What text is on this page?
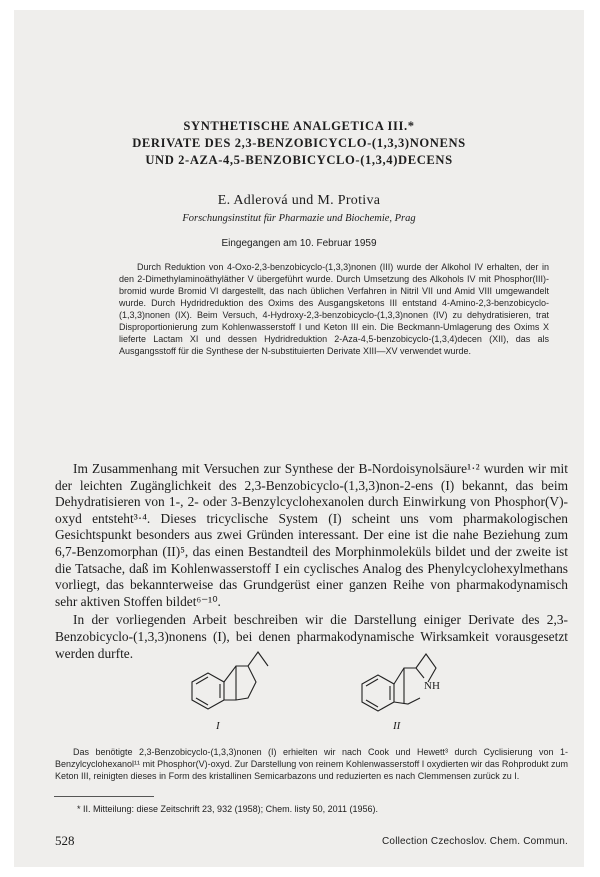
SYNTHETISCHE ANALGETICA III.*
DERIVATE DES 2,3-BENZOBICYCLO-(1,3,3)NONENS
UND 2-AZA-4,5-BENZOBICYCLO-(1,3,4)DECENS
E. Adlerová und M. Protiva
Forschungsinstitut für Pharmazie und Biochemie, Prag
Eingegangen am 10. Februar 1959

Durch Reduktion von 4-Oxo-2,3-benzobicyclo-(1,3,3)nonen (III) wurde der Alkohol IV erhalten, der in den 2-Dimethylaminoäthyläther V übergeführt wurde. Durch Umsetzung des Alkohols IV mit Phosphor(III)-bromid wurde Bromid VI dargestellt, das nach üblichen Verfahren in Nitril VII und Amid VIII umgewandelt wurde. Durch Hydridreduktion des Oxims des Ausgangsketons III entstand 4-Amino-2,3-benzobicyclo-(1,3,3)nonen (IX). Beim Versuch, 4-Hydroxy-2,3-benzobicyclo-(1,3,3)nonen (IV) zu dehydratisieren, trat Disproportionierung zum Kohlenwasserstoff I und Keton III ein. Die Beckmann-Umlagerung des Oxims X lieferte Lactam XI und dessen Hydridreduktion 2-Aza-4,5-benzobicyclo-(1,3,4)decen (XII), das als Ausgangsstoff für die Synthese der N-substituierten Derivate XIII—XV verwendet wurde.

Im Zusammenhang mit Versuchen zur Synthese der B-Nordoisynolsäure¹·² wurden wir mit der leichten Zugänglichkeit des 2,3-Benzobicyclo-(1,3,3)non-2-ens (I) bekannt, das beim Dehydratisieren von 1-, 2- oder 3-Benzylcyclohexanolen durch Einwirkung von Phosphor(V)-oxyd entsteht³·⁴. Dieses tricyclische System (I) scheint uns vom pharmakologischen Gesichtspunkt besonders aus zwei Gründen interessant. Der eine ist die nahe Beziehung zum 6,7-Benzomorphan (II)⁵, das einen Bestandteil des Morphinmoleküls bildet und der zweite ist die Tatsache, daß im Kohlenwasserstoff I ein cyclisches Analog des Phenylcyclohexylmethans vorliegt, das bekannterweise das Grundgerüst einer ganzen Reihe von pharmakodynamisch sehr aktiven Stoffen bildet⁶⁻¹⁰.

In der vorliegenden Arbeit beschreiben wir die Darstellung einiger Derivate des 2,3-Benzobicyclo-(1,3,3)nonens (I), bei denen pharmakodynamische Wirksamkeit vorausgesetzt werden durfte.

I	II
NH

Das benötigte 2,3-Benzobicyclo-(1,3,3)nonen (I) erhielten wir nach Cook und Hewett³ durch Cyclisierung von 1-Benzylcyclohexanol¹¹ mit Phosphor(V)-oxyd. Zur Darstellung von reinem Kohlenwasserstoff I oxydierten wir das Rohprodukt zum Keton III, reinigten dieses in Form des kristallinen Semicarbazons und reduzierten es nach Clemmensen zurück zu I.

* II. Mitteilung: diese Zeitschrift 23, 932 (1958); Chem. listy 50, 2011 (1956).
528	Collection Czechoslov. Chem. Commun.
